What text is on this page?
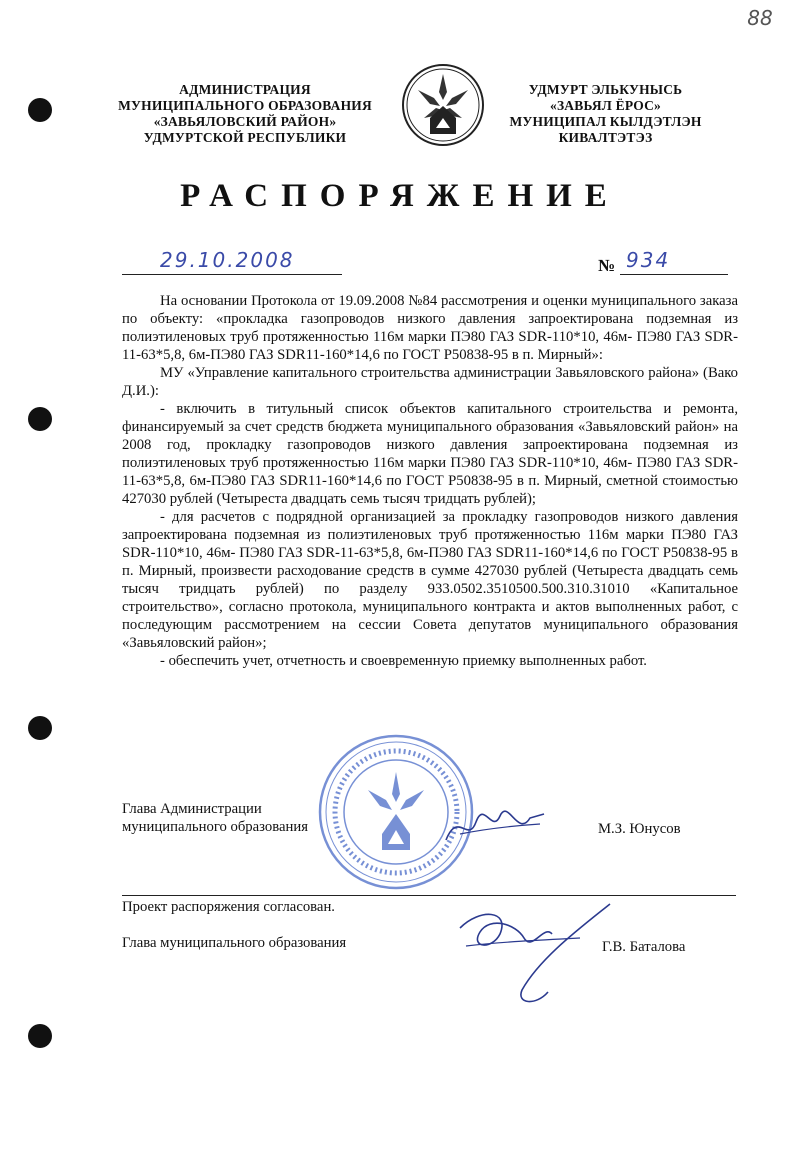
88
АДМИНИСТРАЦИЯ
МУНИЦИПАЛЬНОГО ОБРАЗОВАНИЯ
«ЗАВЬЯЛОВСКИЙ РАЙОН»
УДМУРТСКОЙ РЕСПУБЛИКИ
УДМУРТ ЭЛЬКУНЫСЬ
«ЗАВЬЯЛ ЁРОС»
МУНИЦИПАЛ КЫЛДЭТЛЭН
КИВАЛТЭТЭЗ
РАСПОРЯЖЕНИЕ
29.10.2008	№ 934

На основании Протокола от 19.09.2008 №84 рассмотрения и оценки муниципального заказа по объекту: «прокладка газопроводов низкого давления запроектирована подземная из полиэтиленовых труб протяженностью 116м марки ПЭ80 ГАЗ SDR-110*10, 46м- ПЭ80 ГАЗ SDR-11-63*5,8, 6м-ПЭ80 ГАЗ SDR11-160*14,6 по ГОСТ Р50838-95 в п. Мирный»:

МУ «Управление капитального строительства администрации Завьяловского района» (Вако Д.И.):

- включить в титульный список объектов капитального строительства и ремонта, финансируемый за счет средств бюджета муниципального образования «Завьяловский район» на 2008 год, прокладку газопроводов низкого давления запроектирована подземная из полиэтиленовых труб протяженностью 116м марки ПЭ80 ГАЗ SDR-110*10, 46м- ПЭ80 ГАЗ SDR-11-63*5,8, 6м-ПЭ80 ГАЗ SDR11-160*14,6 по ГОСТ Р50838-95 в п. Мирный, сметной стоимостью 427030 рублей (Четыреста двадцать семь тысяч тридцать рублей);

- для расчетов с подрядной организацией за прокладку газопроводов низкого давления запроектирована подземная из полиэтиленовых труб протяженностью 116м марки ПЭ80 ГАЗ SDR-110*10, 46м- ПЭ80 ГАЗ SDR-11-63*5,8, 6м-ПЭ80 ГАЗ SDR11-160*14,6 по ГОСТ Р50838-95 в п. Мирный, произвести расходование средств в сумме 427030 рублей (Четыреста двадцать семь тысяч тридцать рублей) по разделу 933.0502.3510500.500.310.31010 «Капитальное строительство», согласно протокола, муниципального контракта и актов выполненных работ, с последующим рассмотрением на сессии Совета депутатов муниципального образования «Завьяловский район»;

- обеспечить учет, отчетность и своевременную приемку выполненных работ.

Глава Администрации
муниципального образования	М.З. Юнусов
Проект распоряжения согласован.
Глава муниципального образования	Г.В. Баталова
